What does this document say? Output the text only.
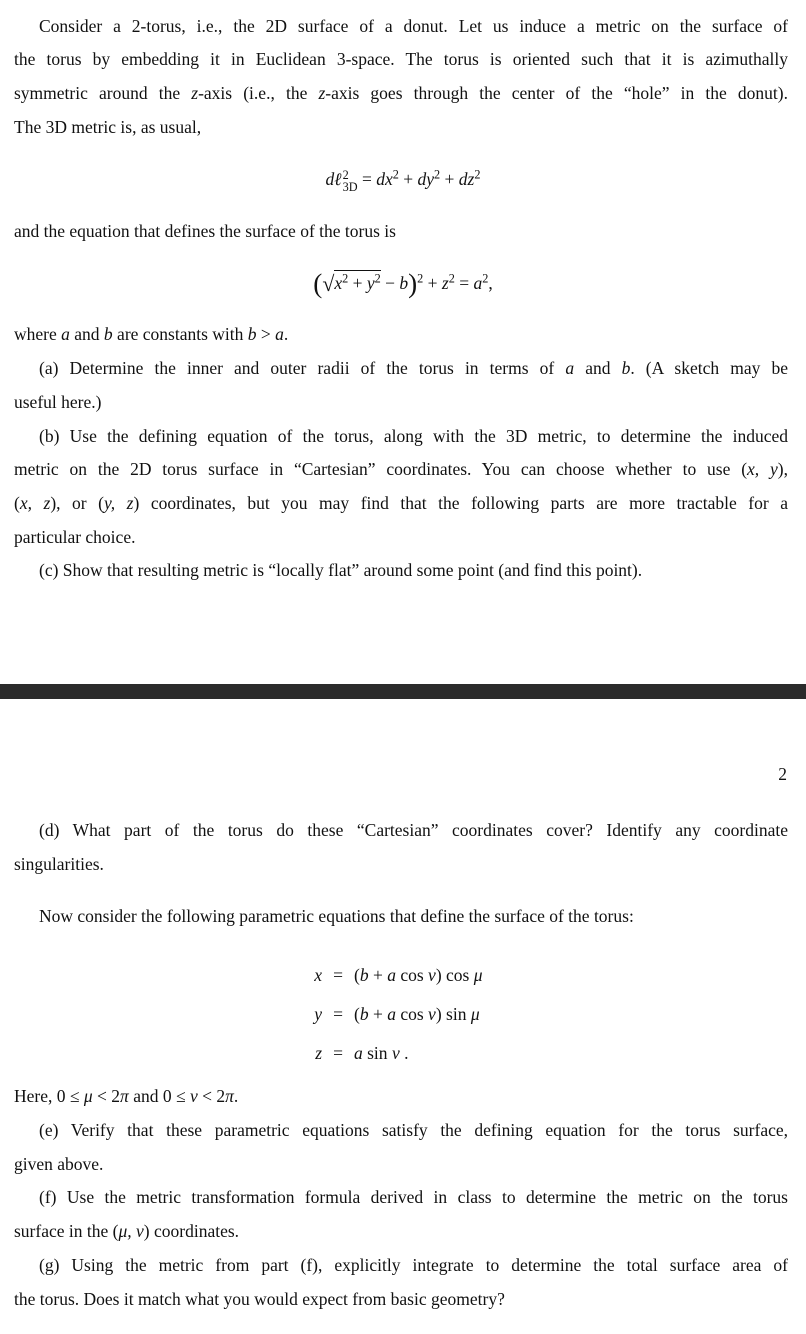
Consider a 2-torus, i.e., the 2D surface of a donut. Let us induce a metric on the surface of
the torus by embedding it in Euclidean 3-space. The torus is oriented such that it is azimuthally
symmetric around the z-axis (i.e., the z-axis goes through the center of the “hole” in the donut).
The 3D metric is, as usual,
dℓ 2
$3D = dx^2 + dy^2 + dz^2$
and the equation that defines the surface of the torus is
$(√x^2 + y^2 - b)^2 + z^2 = a^2$,
where a and b are constants with b > a.
(a) Determine the inner and outer radii of the torus in terms of a and b. (A sketch may be
useful here.)
(b) Use the defining equation of the torus, along with the 3D metric, to determine the induced
metric on the 2D torus surface in “Cartesian” coordinates. You can choose whether to use (x, y),
(x, z), or (y, z) coordinates, but you may find that the following parts are more tractable for a
particular choice.
(c) Show that resulting metric is “locally flat” around some point (and find this point).
2
(d) What part of the torus do these “Cartesian” coordinates cover? Identify any coordinate
singularities.
Now consider the following parametric equations that define the surface of the torus:
x	=	(b + a cos ν) cos μ
y	=	(b + a cos ν) sin μ
z	=	a sin ν .
Here, 0 ≤ μ < 2π and 0 ≤ ν < 2π.
(e) Verify that these parametric equations satisfy the defining equation for the torus surface,
given above.
(f) Use the metric transformation formula derived in class to determine the metric on the torus
surface in the (μ, ν) coordinates.
(g) Using the metric from part (f), explicitly integrate to determine the total surface area of
the torus. Does it match what you would expect from basic geometry?
